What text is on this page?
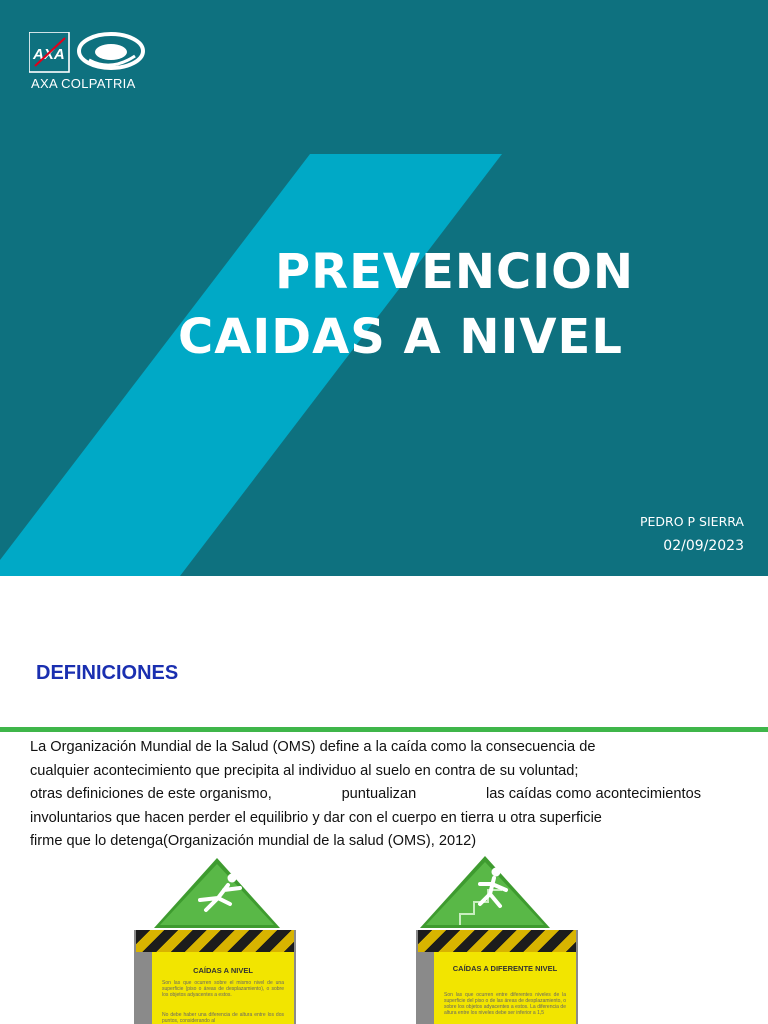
AXA
AXA COLPATRIA
PREVENCION
CAIDAS A NIVEL
PEDRO P SIERRA
02/09/2023
DEFINICIONES
La Organización Mundial de la Salud (OMS) define a la caída como la consecuencia de
cualquier acontecimiento que precipita al individuo al suelo en contra de su voluntad;
otras definiciones de este organismo,	puntualizan	las caídas como acontecimientos
involuntarios que hacen perder el equilibrio y dar con el cuerpo en tierra u otra superficie
firme que lo detenga(Organización mundial de la salud (OMS), 2012)
CAÍDAS A NIVEL
Son las que ocurren sobre el mismo nivel de una superficie (piso o áreas de desplazamiento), o sobre los objetos adyacentes a estos.
No debe haber una diferencia de altura entre los dos puntos, considerando al
CAÍDAS A DIFERENTE NIVEL
Son las que ocurren entre diferentes niveles de la superficie del piso o de las áreas de desplazamiento, o sobre los objetos adyacentes a estos. La diferencia de altura entre los niveles debe ser inferior a 1,5
